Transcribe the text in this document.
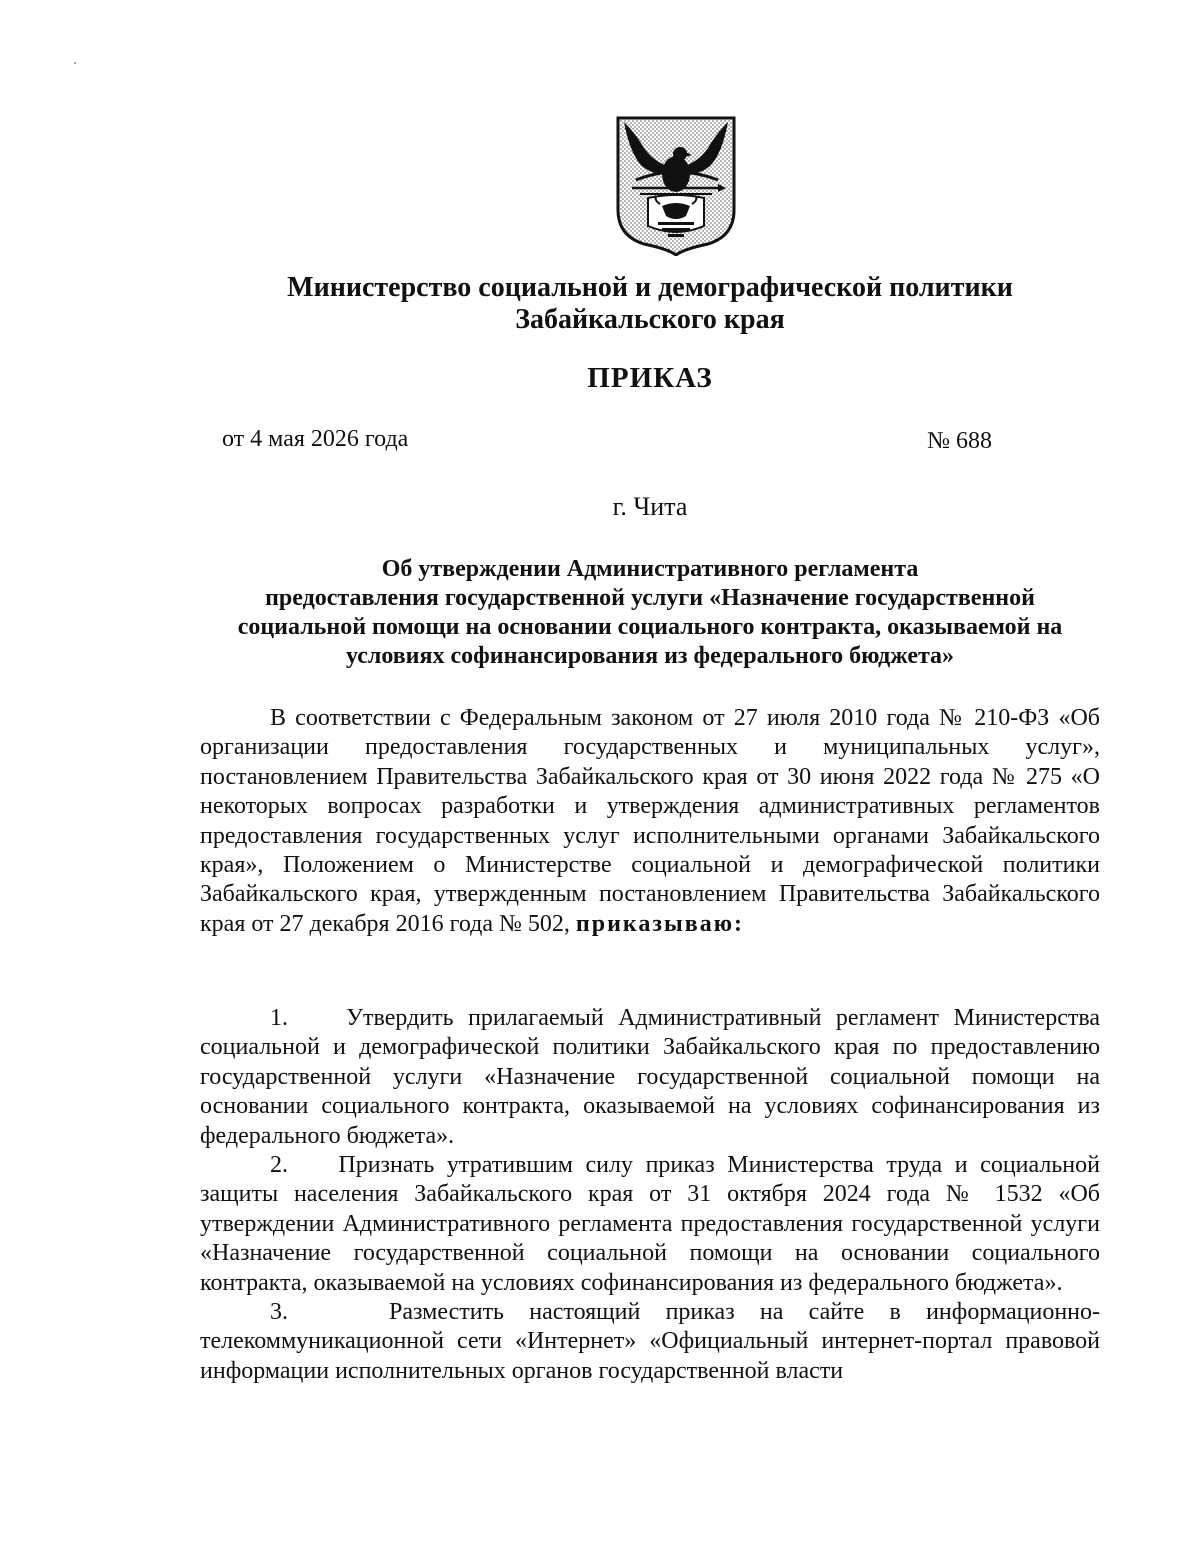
Министерство социальной и демографической политики
Забайкальского края
ПРИКАЗ
от 4 мая 2026 года	№ 688
г. Чита
Об утверждении Административного регламента
предоставления государственной услуги «Назначение государственной
социальной помощи на основании социального контракта, оказываемой на
условиях софинансирования из федерального бюджета»

В соответствии с Федеральным законом от 27 июля 2010 года № 210-ФЗ «Об организации предоставления государственных и муниципальных услуг», постановлением Правительства Забайкальского края от 30 июня 2022 года № 275 «О некоторых вопросах разработки и утверждения административных регламентов предоставления государственных услуг исполнительными органами Забайкальского края», Положением о Министерстве социальной и демографической политики Забайкальского края, утвержденным постановлением Правительства Забайкальского края от 27 декабря 2016 года № 502, приказываю:

1. Утвердить прилагаемый Административный регламент Министерства социальной и демографической политики Забайкальского края по предоставлению государственной услуги «Назначение государственной социальной помощи на основании социального контракта, оказываемой на условиях софинансирования из федерального бюджета».

2. Признать утратившим силу приказ Министерства труда и социальной защиты населения Забайкальского края от 31 октября 2024 года № 1532 «Об утверждении Административного регламента предоставления государственной услуги «Назначение государственной социальной помощи на основании социального контракта, оказываемой на условиях софинансирования из федерального бюджета».

3.	Разместить настоящий приказ на сайте в информационно-телекоммуникационной сети «Интернет» «Официальный интернет-портал правовой информации исполнительных органов государственной власти
